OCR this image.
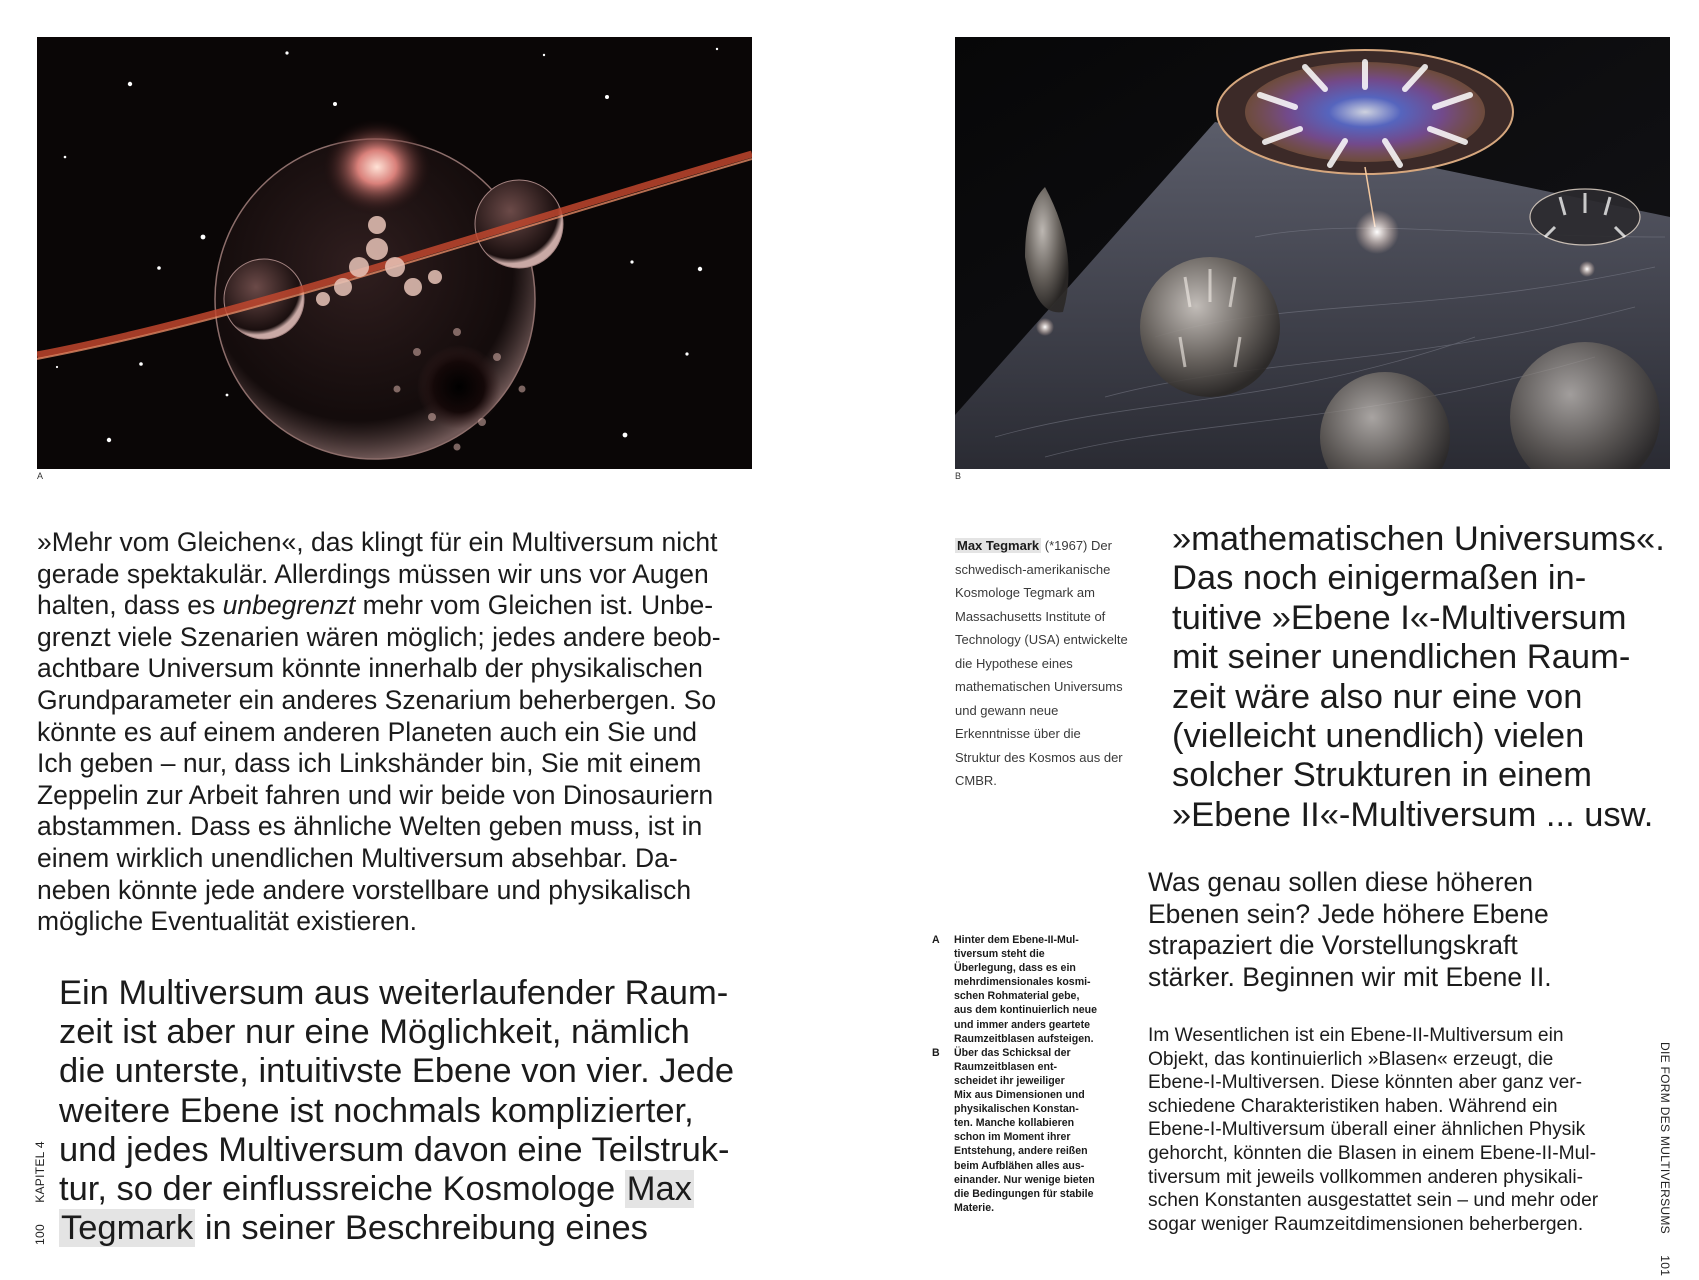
A

»Mehr vom Gleichen«, das klingt für ein Multiversum nicht
gerade spektakulär. Allerdings müssen wir uns vor Augen
halten, dass es unbegrenzt mehr vom Gleichen ist. Unbe-
grenzt viele Szenarien wären möglich; jedes andere beob-
achtbare Universum könnte innerhalb der physikalischen
Grundparameter ein anderes Szenarium beherbergen. So
könnte es auf einem anderen Planeten auch ein Sie und
Ich geben – nur, dass ich Linkshänder bin, Sie mit einem
Zeppelin zur Arbeit fahren und wir beide von Dinosauriern
abstammen. Dass es ähnliche Welten geben muss, ist in
einem wirklich unendlichen Multiversum absehbar. Da-
neben könnte jede andere vorstellbare und physikalisch
mögliche Eventualität existieren.

Ein Multiversum aus weiterlaufender Raum-
zeit ist aber nur eine Möglichkeit, nämlich
die unterste, intuitivste Ebene von vier. Jede
weitere Ebene ist nochmals komplizierter,
und jedes Multiversum davon eine Teilstruk-
tur, so der einflussreiche Kosmologe Max
Tegmark in seiner Beschreibung eines

100  KAPITEL 4
B
Max Tegmark (*1967) Der
schwedisch-amerikanische
Kosmologe Tegmark am
Massachusetts Institute of
Technology (USA) entwickelte
die Hypothese eines
mathematischen Universums
und gewann neue
Erkenntnisse über die
Struktur des Kosmos aus der
CMBR.

»mathematischen Universums«.
Das noch einigermaßen in-
tuitive »Ebene I«-Multiversum
mit seiner unendlichen Raum-
zeit wäre also nur eine von
(vielleicht unendlich) vielen
solcher Strukturen in einem
»Ebene II«-Multiversum ... usw.

A Hinter dem Ebene-II-Mul-
tiversum steht die
Überlegung, dass es ein
mehrdimensionales kosmi-
schen Rohmaterial gebe,
aus dem kontinuierlich neue
und immer anders geartete
Raumzeitblasen aufsteigen.
B Über das Schicksal der
Raumzeitblasen ent-
scheidet ihr jeweiliger
Mix aus Dimensionen und
physikalischen Konstan-
ten. Manche kollabieren
schon im Moment ihrer
Entstehung, andere reißen
beim Aufblähen alles aus-
einander. Nur wenige bieten
die Bedingungen für stabile
Materie.

Was genau sollen diese höheren
Ebenen sein? Jede höhere Ebene
strapaziert die Vorstellungskraft
stärker. Beginnen wir mit Ebene II.

Im Wesentlichen ist ein Ebene-II-Multiversum ein
Objekt, das kontinuierlich »Blasen« erzeugt, die
Ebene-I-Multiversen. Diese könnten aber ganz ver-
schiedene Charakteristiken haben. Während ein
Ebene-I-Multiversum überall einer ähnlichen Physik
gehorcht, könnten die Blasen in einem Ebene-II-Mul-
tiversum mit jeweils vollkommen anderen physikali-
schen Konstanten ausgestattet sein – und mehr oder
sogar weniger Raumzeitdimensionen beherbergen.	DIE FORM DES MULTIVERSUMS  101
